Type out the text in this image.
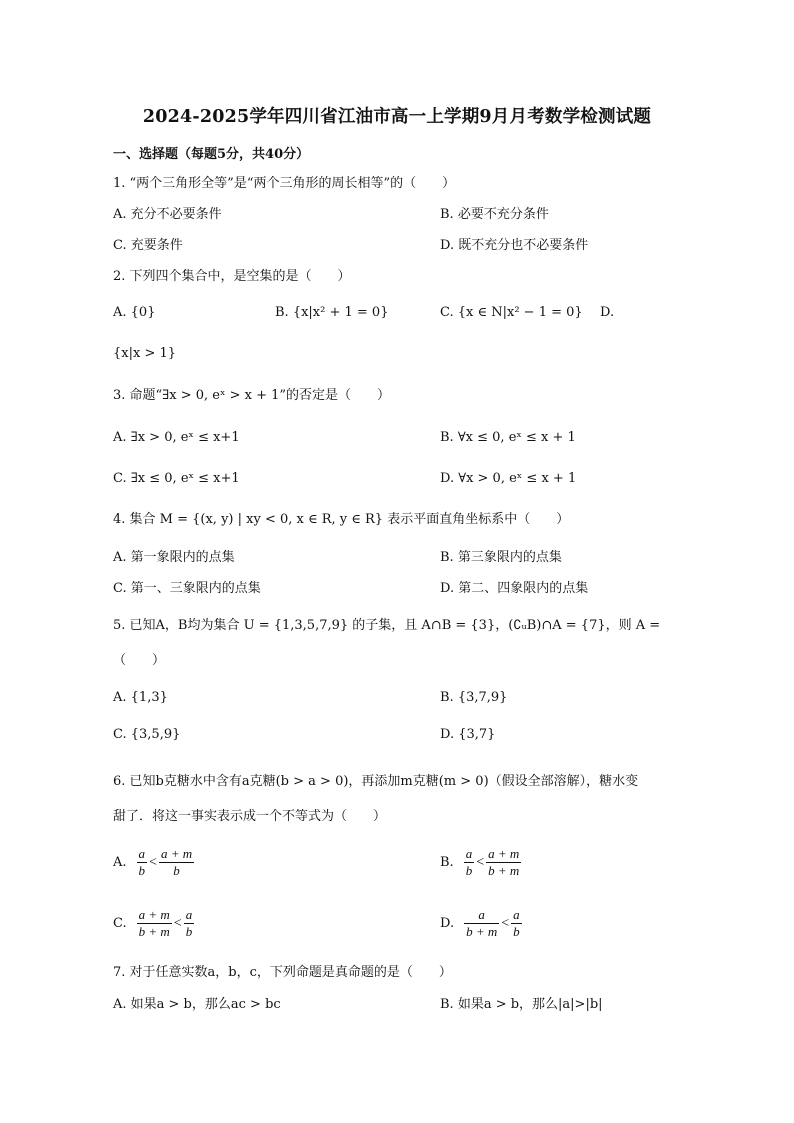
2024-2025学年四川省江油市高一上学期9月月考数学检测试题
一、选择题（每题5分，共40分）
1. “两个三角形全等”是“两个三角形的周长相等”的（　　）
A. 充分不必要条件	B. 必要不充分条件
C. 充要条件	D. 既不充分也不必要条件
2. 下列四个集合中，是空集的是（　　）
A. {0}	B. {x|x² + 1 = 0}	C. {x ∈ N|x² − 1 = 0} D.
{x|x > 1}
3. 命题“∃x > 0, eˣ > x + 1”的否定是（　　）
A. ∃x > 0, eˣ ≤ x+1	B. ∀x ≤ 0, eˣ ≤ x + 1
C. ∃x ≤ 0, eˣ ≤ x+1	D. ∀x > 0, eˣ ≤ x + 1
4. 集合 M = {(x, y) | xy < 0, x ∈ R, y ∈ R} 表示平面直角坐标系中（　　）
A. 第一象限内的点集	B. 第三象限内的点集
C. 第一、三象限内的点集	D. 第二、四象限内的点集
5. 已知A，B均为集合 U = {1,3,5,7,9} 的子集，且 A∩B = {3}，(∁ᵤB)∩A = {7}，则 A =
（　　）
A. {1,3}	B. {3,7,9}
C. {3,5,9}	D. {3,7}
6. 已知b克糖水中含有a克糖(b > a > 0)，再添加m克糖(m > 0)（假设全部溶解），糖水变
甜了．将这一事实表示成一个不等式为（　　）
A. $\frac{a}{b} < \frac{a + m}{b}$	B. $\frac{a}{b} < \frac{a + m}{b + m}$
C. $\frac{a + m}{b + m} < \frac{a}{b}$	D. $\frac{a}{b + m} < \frac{a}{b}$
7. 对于任意实数a，b，c，下列命题是真命题的是（　　）
A. 如果a > b，那么ac > bc	B. 如果a > b，那么|a|>|b|
